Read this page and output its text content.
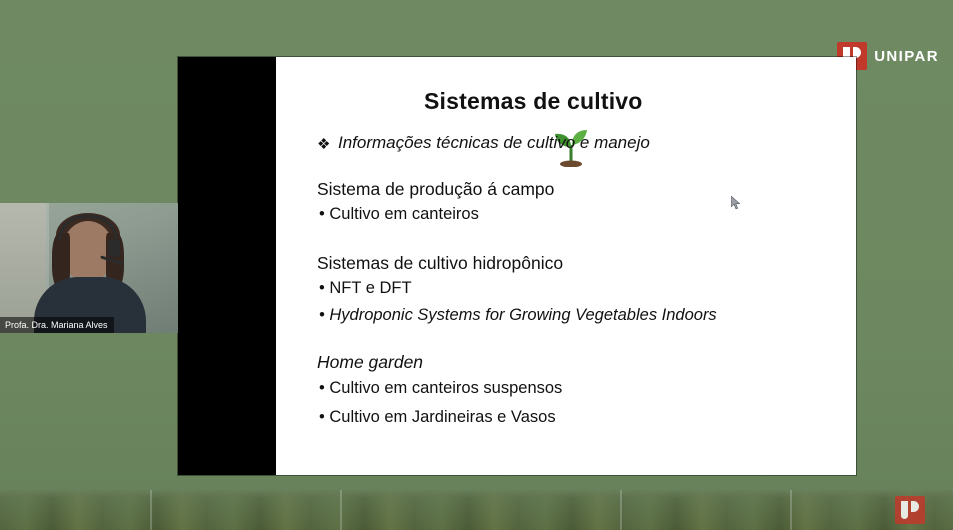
UNIPAR
Sistemas de cultivo
❖ Informações técnicas de cultivo e manejo
Sistema de produção á campo
• Cultivo em canteiros
Sistemas de cultivo hidropônico
• NFT e DFT
• Hydroponic Systems for Growing Vegetables Indoors
Home garden
• Cultivo em canteiros suspensos
• Cultivo em Jardineiras e Vasos
Profa. Dra. Mariana Alves
